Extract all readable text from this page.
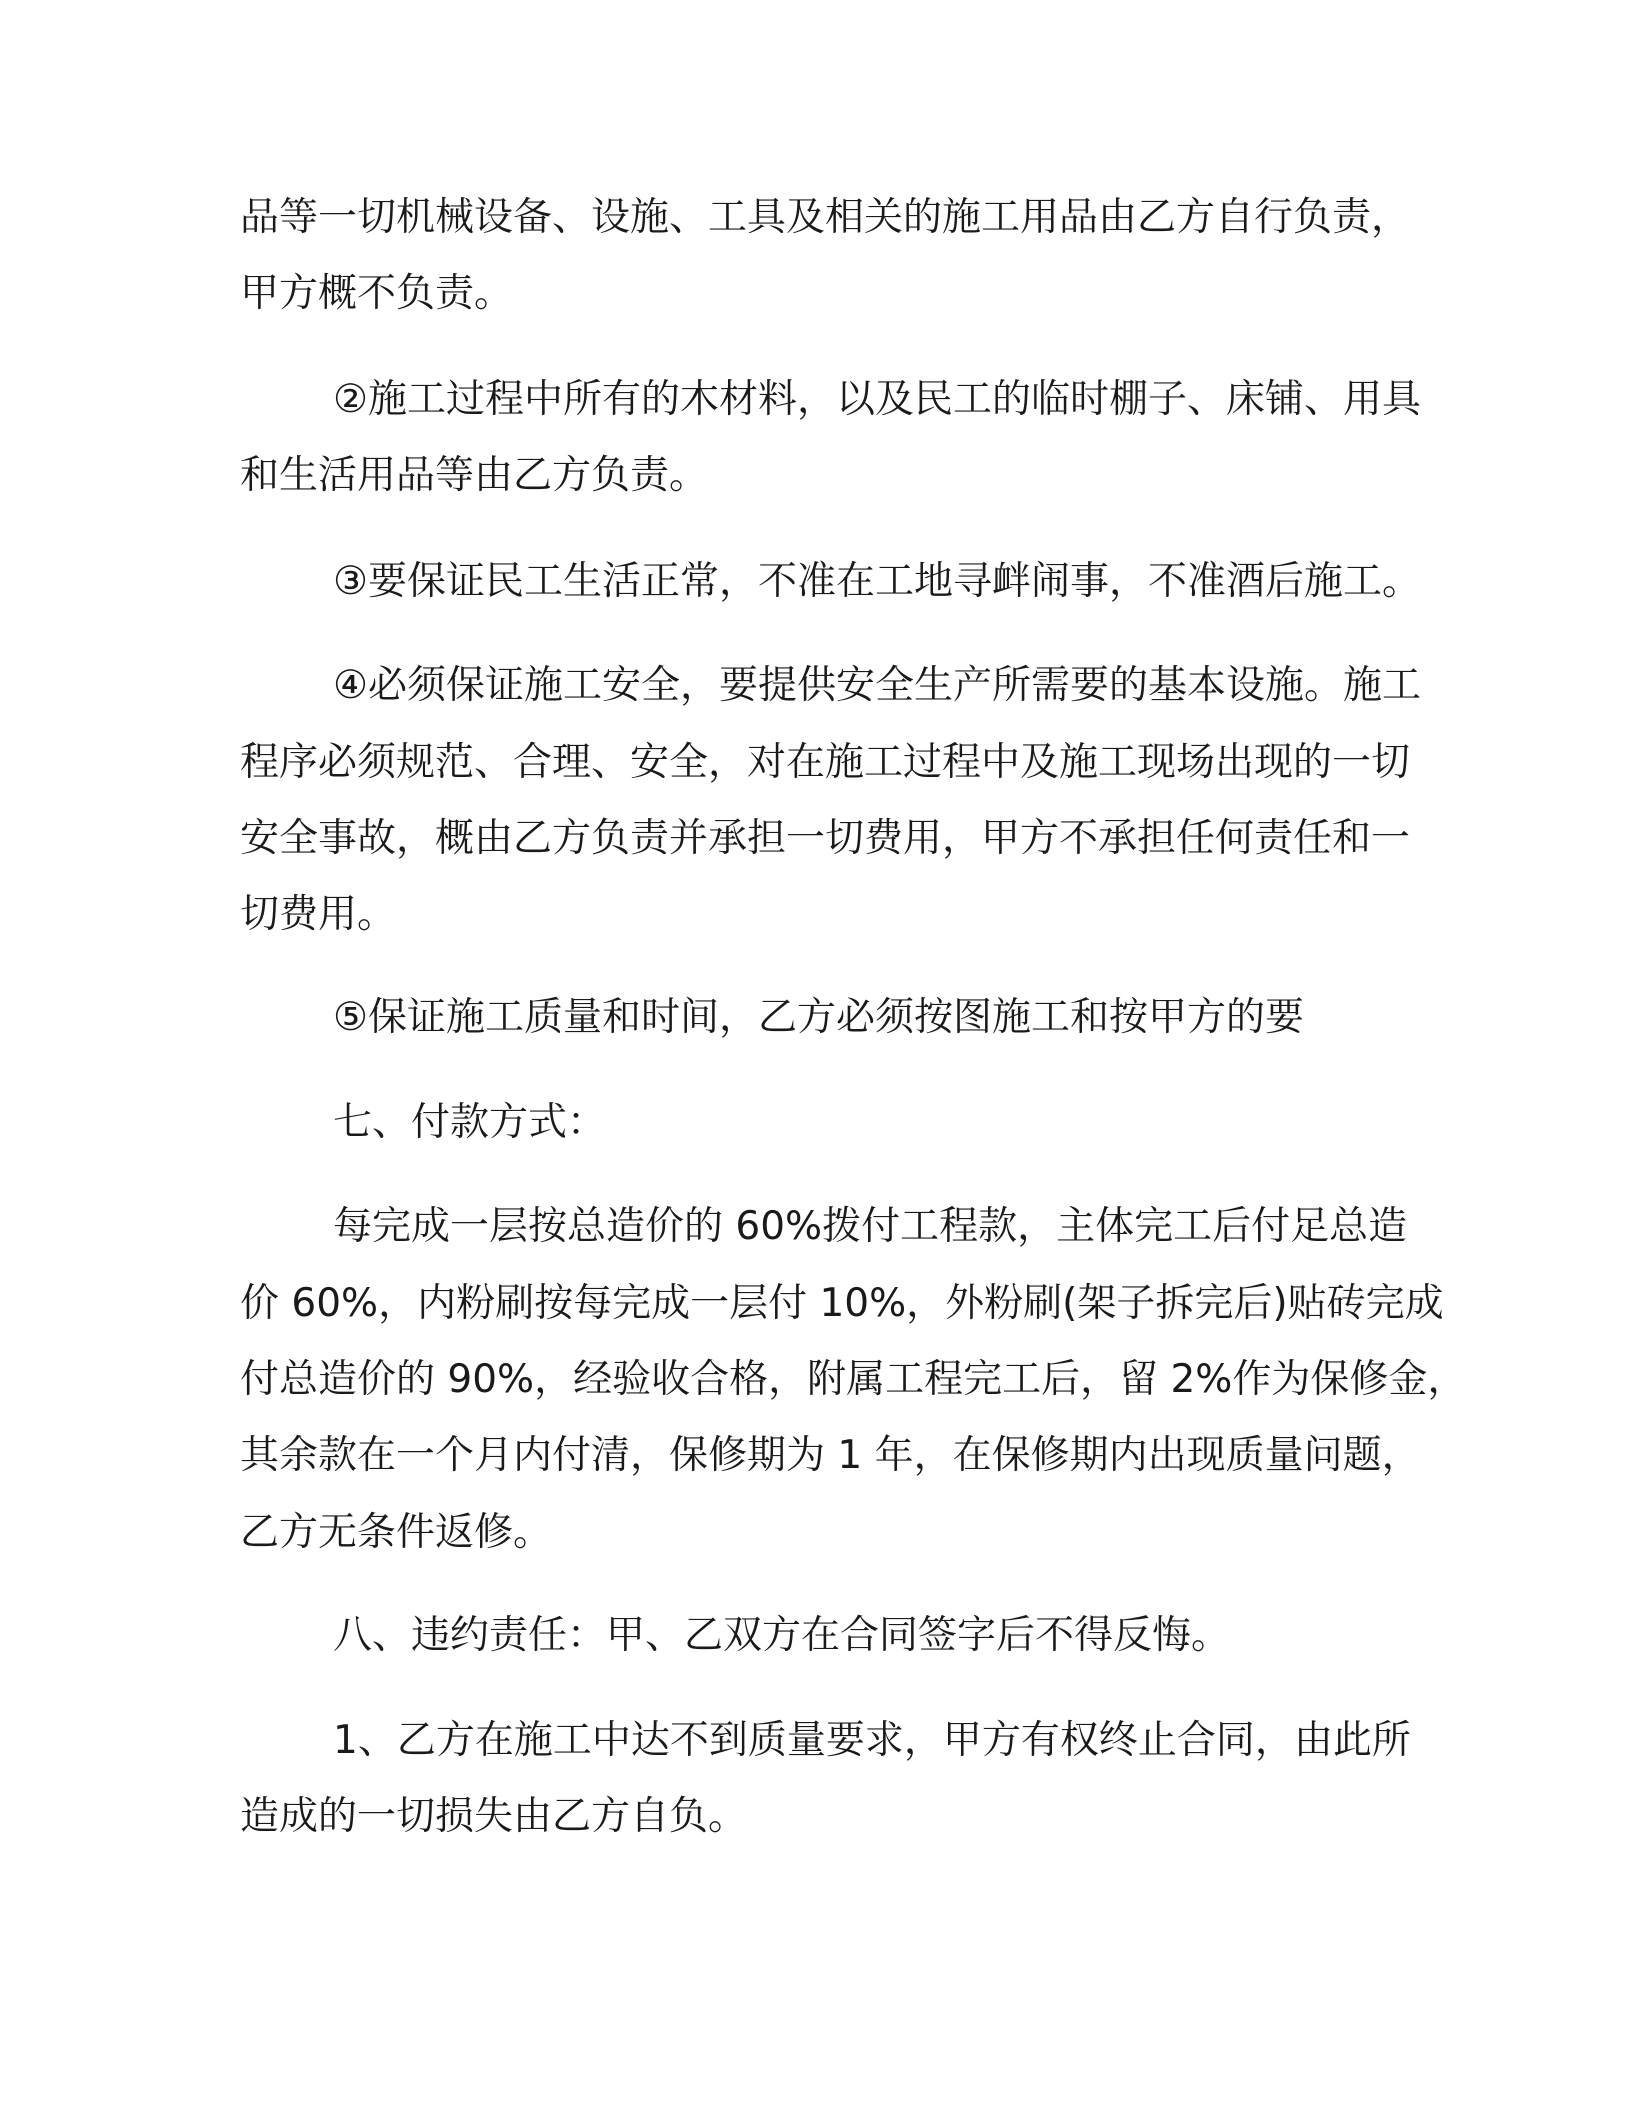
品等一切机械设备、设施、工具及相关的施工用品由乙方自行负责，
甲方概不负责。
②施工过程中所有的木材料，以及民工的临时棚子、床铺、用具
和生活用品等由乙方负责。
③要保证民工生活正常，不准在工地寻衅闹事，不准酒后施工。
④必须保证施工安全，要提供安全生产所需要的基本设施。施工
程序必须规范、合理、安全，对在施工过程中及施工现场出现的一切
安全事故，概由乙方负责并承担一切费用，甲方不承担任何责任和一
切费用。
⑤保证施工质量和时间，乙方必须按图施工和按甲方的要
七、付款方式：
每完成一层按总造价的 60%拨付工程款，主体完工后付足总造
价 60%，内粉刷按每完成一层付 10%，外粉刷(架子拆完后)贴砖完成
付总造价的 90%，经验收合格，附属工程完工后，留 2%作为保修金，
其余款在一个月内付清，保修期为 1 年，在保修期内出现质量问题，
乙方无条件返修。
八、违约责任：甲、乙双方在合同签字后不得反悔。
1、乙方在施工中达不到质量要求，甲方有权终止合同，由此所
造成的一切损失由乙方自负。
